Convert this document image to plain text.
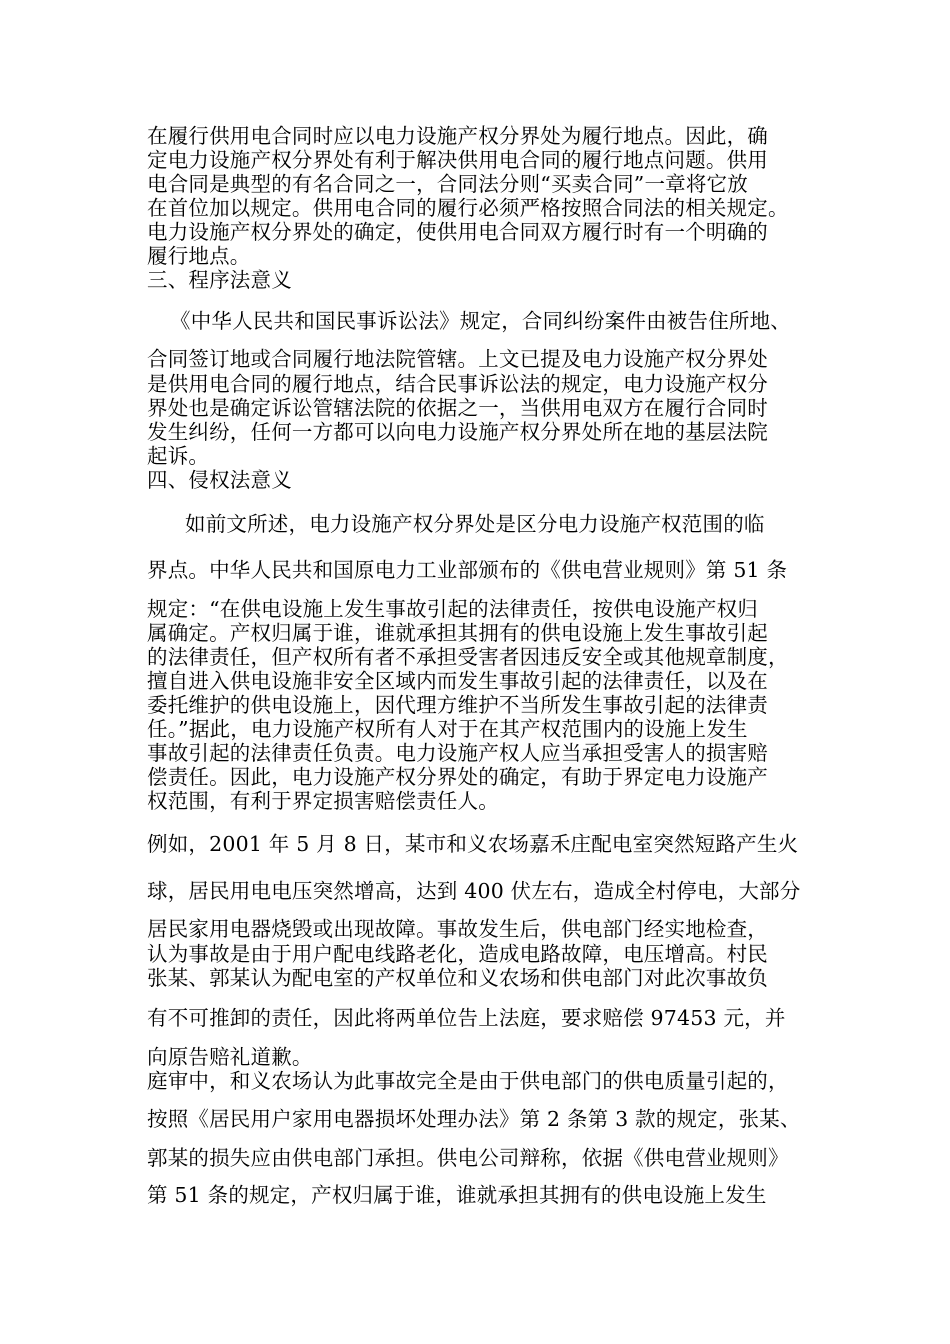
在履行供用电合同时应以电力设施产权分界处为履行地点。因此，确

定电力设施产权分界处有利于解决供用电合同的履行地点问题。供用

电合同是典型的有名合同之一，合同法分则“买卖合同”一章将它放

在首位加以规定。供用电合同的履行必须严格按照合同法的相关规定。

电力设施产权分界处的确定，使供用电合同双方履行时有一个明确的

履行地点。

三、程序法意义

《中华人民共和国民事诉讼法》规定，合同纠纷案件由被告住所地、

合同签订地或合同履行地法院管辖。上文已提及电力设施产权分界处

是供用电合同的履行地点，结合民事诉讼法的规定，电力设施产权分

界处也是确定诉讼管辖法院的依据之一，当供用电双方在履行合同时

发生纠纷，任何一方都可以向电力设施产权分界处所在地的基层法院

起诉。

四、侵权法意义

如前文所述，电力设施产权分界处是区分电力设施产权范围的临

界点。中华人民共和国原电力工业部颁布的《供电营业规则》第 51 条

规定：“在供电设施上发生事故引起的法律责任，按供电设施产权归

属确定。产权归属于谁，谁就承担其拥有的供电设施上发生事故引起

的法律责任，但产权所有者不承担受害者因违反安全或其他规章制度，

擅自进入供电设施非安全区域内而发生事故引起的法律责任，以及在

委托维护的供电设施上，因代理方维护不当所发生事故引起的法律责

任。”据此，电力设施产权所有人对于在其产权范围内的设施上发生

事故引起的法律责任负责。电力设施产权人应当承担受害人的损害赔

偿责任。因此，电力设施产权分界处的确定，有助于界定电力设施产

权范围，有利于界定损害赔偿责任人。

例如，2001 年 5 月 8 日，某市和义农场嘉禾庄配电室突然短路产生火

球，居民用电电压突然增高，达到 400 伏左右，造成全村停电，大部分

居民家用电器烧毁或出现故障。事故发生后，供电部门经实地检查，

认为事故是由于用户配电线路老化，造成电路故障，电压增高。村民

张某、郭某认为配电室的产权单位和义农场和供电部门对此次事故负

有不可推卸的责任，因此将两单位告上法庭，要求赔偿 97453 元，并

向原告赔礼道歉。

庭审中，和义农场认为此事故完全是由于供电部门的供电质量引起的，

按照《居民用户家用电器损坏处理办法》第 2 条第 3 款的规定，张某、

郭某的损失应由供电部门承担。供电公司辩称，依据《供电营业规则》

第 51 条的规定，产权归属于谁，谁就承担其拥有的供电设施上发生
